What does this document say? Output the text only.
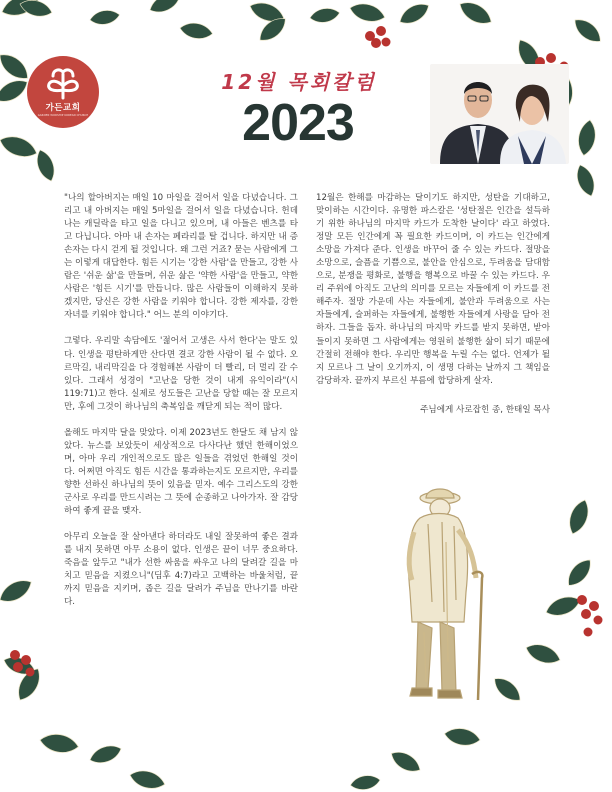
가든교회
GARDEN WORSHIP KOREAN CHURCH
12월 목회칼럼
2023

"나의 할아버지는 매일 10 마일을 걸어서 일을 다녔습니다. 그리고 내 아버지는 매일 5마일을 걸어서 일을 다녔습니다. 헌데 나는 캐딜락을 타고 일을 다니고 있으며, 내 아들은 벤츠를 타고 다닙니다. 아마 내 손자는 페라리를 탈 겁니다. 하지만 내 증손자는 다시 걷게 될 것입니다. 왜 그런 거죠? 묻는 사람에게 그는 이렇게 대답한다. 힘든 시기는 '강한 사람'을 만들고, 강한 사람은 '쉬운 삶'을 만들며, 쉬운 삶은 '약한 사람'을 만들고, 약한 사람은 '힘든 시기'를 만듭니다. 많은 사람들이 이해하지 못하겠지만, 당신은 강한 사람을 키워야 합니다. 강한 제자를, 강한 자녀를 키워야 합니다." 어느 분의 이야기다.

그렇다. 우리말 속담에도 '젊어서 고생은 사서 한다'는 말도 있다. 인생을 평탄하게만 산다면 결코 강한 사람이 될 수 없다. 오르막길, 내리막길을 다 경험해본 사람이 더 빨리, 더 멀리 갈 수 있다. 그래서 성경이 "고난을 당한 것이 내게 유익이라"(시 119:71)고 한다. 실제로 성도들은 고난을 당할 때는 잘 모르지만, 후에 그것이 하나님의 축복임을 깨닫게 되는 적이 많다.

올해도 마지막 달을 맞았다. 이제 2023년도 한달도 채 남지 않았다. 뉴스를 보았듯이 세상적으로 다사다난 했던 한해이었으며, 아마 우리 개인적으로도 많은 일들을 겪었던 한해일 것이다. 어쩌면 아직도 힘든 시간을 통과하는지도 모르지만, 우리를 향한 선하신 하나님의 뜻이 있음을 믿자. 예수 그리스도의 강한 군사로 우리를 만드시려는 그 뜻에 순종하고 나아가자. 잘 감당하여 좋게 끝을 맺자.

아무리 오늘을 잘 살아낸다 하더라도 내일 잘못하여 좋은 결과를 내지 못하면 아무 소용이 없다. 인생은 끝이 너무 중요하다. 죽음을 앞두고 "내가 선한 싸움을 싸우고 나의 달려갈 길을 마치고 믿음을 지켰으니"(딤후 4:7)라고 고백하는 바울처럼, 끝까지 믿음을 지키며, 좁은 길을 달려가 주님을 만나기를 바란다.

12월은 한해를 마감하는 달이기도 하지만, 성탄을 기대하고, 맞이하는 시간이다. 유명한 파스칼은 '성탄절은 인간을 설득하기 위한 하나님의 마지막 카드가 도착한 날이다' 라고 하였다. 정말 모든 인간에게 꼭 필요한 카드이며, 이 카드는 인간에게 소망을 가져다 준다. 인생을 바꾸어 줄 수 있는 카드다. 절망을 소망으로, 슬픔을 기쁨으로, 불안을 안심으로, 두려움을 담대함으로, 분쟁을 평화로, 불행을 행복으로 바꿀 수 있는 카드다. 우리 주위에 아직도 고난의 의미를 모르는 자들에게 이 카드를 전해주자. 절망 가운데 사는 자들에게, 불안과 두려움으로 사는 자들에게, 슬퍼하는 자들에게, 불행한 자들에게 사랑을 담아 전하자. 그들을 돕자. 하나님의 마지막 카드를 받지 못하면, 받아들이지 못하면 그 사람에게는 영원히 불행한 삶이 되기 때문에 간절히 전해야 한다. 우리만 행복을 누릴 수는 없다. 언제가 될지 모르나 그 날이 오기까지, 이 생명 다하는 날까지 그 책임을 감당하자. 끝까지 부르신 부름에 합당하게 살자.

주님에게 사로잡힌 종, 한태일 목사
